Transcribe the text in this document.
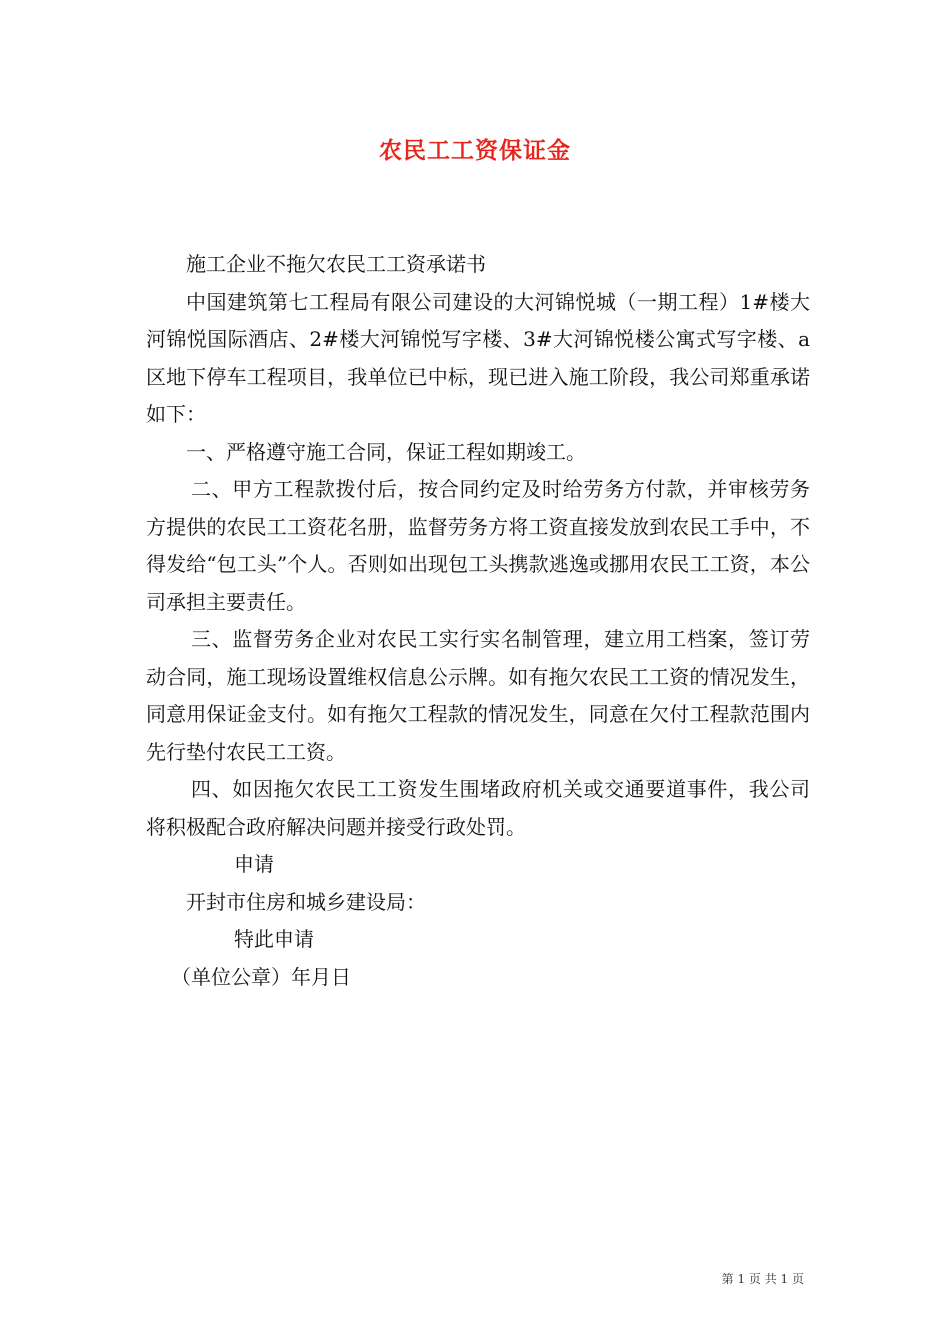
农民工工资保证金

施工企业不拖欠农民工工资承诺书

中国建筑第七工程局有限公司建设的大河锦悦城（一期工程）1#楼大河锦悦国际酒店、2#楼大河锦悦写字楼、3#大河锦悦楼公寓式写字楼、a区地下停车工程项目，我单位已中标，现已进入施工阶段，我公司郑重承诺如下：

一、严格遵守施工合同，保证工程如期竣工。

二、甲方工程款拨付后，按合同约定及时给劳务方付款，并审核劳务方提供的农民工工资花名册，监督劳务方将工资直接发放到农民工手中，不得发给“包工头”个人。否则如出现包工头携款逃逸或挪用农民工工资，本公司承担主要责任。

三、监督劳务企业对农民工实行实名制管理，建立用工档案，签订劳动合同，施工现场设置维权信息公示牌。如有拖欠农民工工资的情况发生，同意用保证金支付。如有拖欠工程款的情况发生，同意在欠付工程款范围内先行垫付农民工工资。

四、如因拖欠农民工工资发生围堵政府机关或交通要道事件，我公司将积极配合政府解决问题并接受行政处罚。

申请

开封市住房和城乡建设局：

特此申请

（单位公章）年月日

第 1 页 共 1 页
